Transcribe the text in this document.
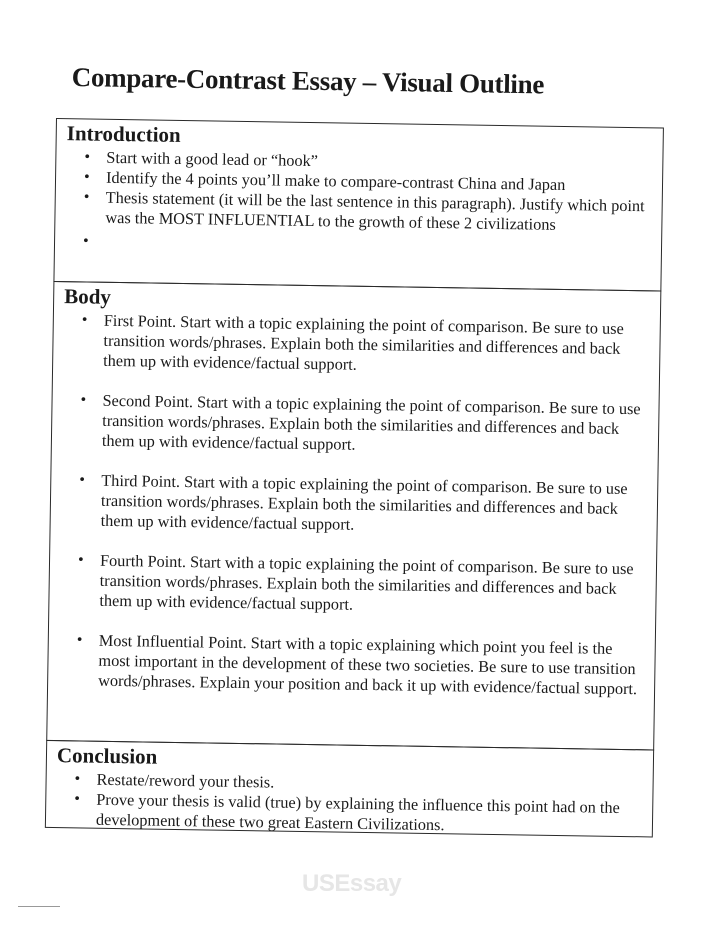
Compare-Contrast Essay – Visual Outline
Introduction
• Start with a good lead or “hook”
• Identify the 4 points you’ll make to compare-contrast China and Japan
• Thesis statement (it will be the last sentence in this paragraph). Justify which point was the MOST INFLUENTIAL to the growth of these 2 civilizations
•

Body
• First Point. Start with a topic explaining the point of comparison. Be sure to use transition words/phrases. Explain both the similarities and differences and back them up with evidence/factual support.
• Second Point. Start with a topic explaining the point of comparison. Be sure to use transition words/phrases. Explain both the similarities and differences and back them up with evidence/factual support.
• Third Point. Start with a topic explaining the point of comparison. Be sure to use transition words/phrases. Explain both the similarities and differences and back them up with evidence/factual support.
• Fourth Point. Start with a topic explaining the point of comparison. Be sure to use transition words/phrases. Explain both the similarities and differences and back them up with evidence/factual support.
• Most Influential Point. Start with a topic explaining which point you feel is the most important in the development of these two societies. Be sure to use transition words/phrases. Explain your position and back it up with evidence/factual support.
Conclusion
• Restate/reword your thesis.
• Prove your thesis is valid (true) by explaining the influence this point had on the development of these two great Eastern Civilizations.
USEssay
